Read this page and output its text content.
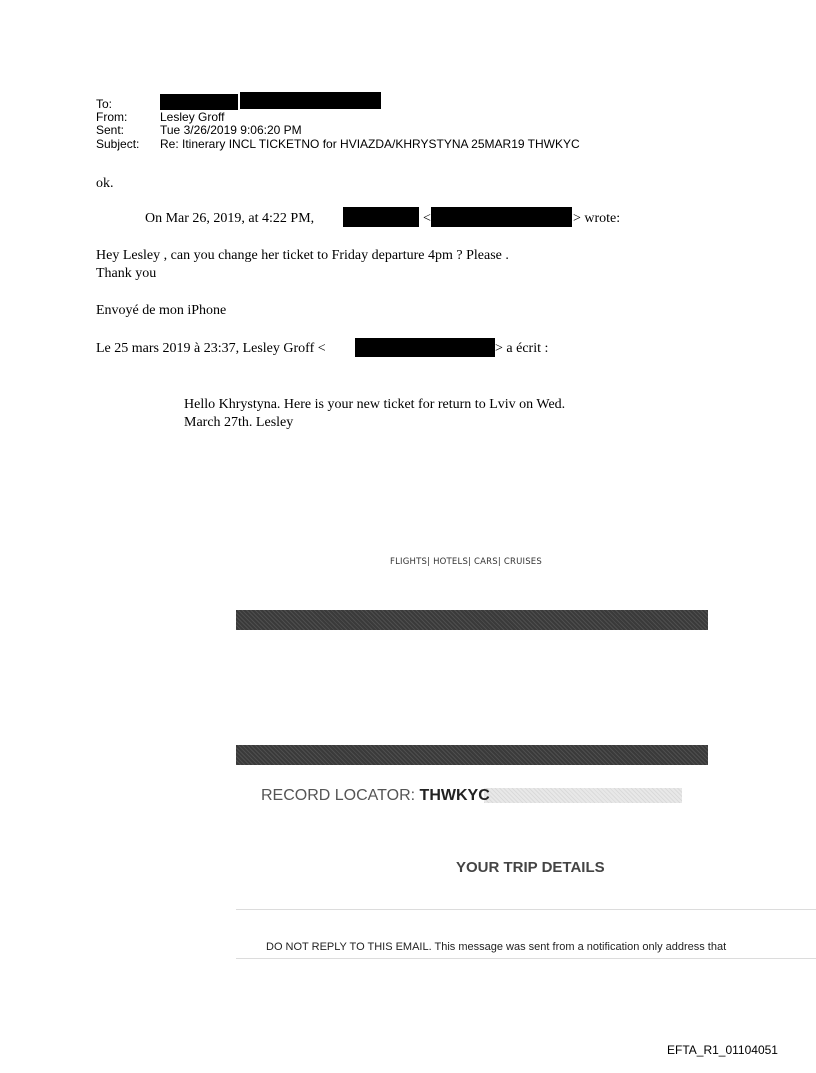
To:
From:	Lesley Groff
Sent:	Tue 3/26/2019 9:06:20 PM
Subject: Re: Itinerary INCL TICKETNO for HVIAZDA/KHRYSTYNA 25MAR19 THWKYC
ok.
On Mar 26, 2019, at 4:22 PM,	<	> wrote:
Hey Lesley , can you change her ticket to Friday departure 4pm ? Please .
Thank you
Envoyé de mon iPhone
Le 25 mars 2019 à 23:37, Lesley Groff <	> a écrit :
Hello Khrystyna. Here is your new ticket for return to Lviv on Wed.
March 27th. Lesley
FLIGHTS| HOTELS| CARS| CRUISES
RECORD LOCATOR: THWKYC
YOUR TRIP DETAILS
DO NOT REPLY TO THIS EMAIL. This message was sent from a notification only address that
EFTA_R1_01104051
